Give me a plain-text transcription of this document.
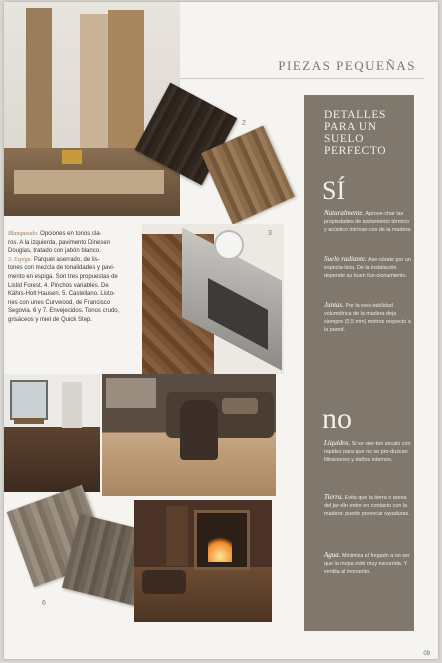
PIEZAS PEQUEÑAS
2
3
Blanqueado. Opciones en tonos cla-
ros. A la izquierda, pavimento Dinesen
Douglas, tratado con jabón blanco.
3. Espiga. Parquet aserrado, de lis-
tones con mezcla de tonalidades y pavi-
mento en espiga. Son tres propuestas de
Listid Forest. 4. Pinchos variables. De
Kährs-Holt Hausen. 5. Castellano. Listo-
nes con unes Curvwood, de Francisco
Segovia. 6 y 7. Envejecidos. Tonos crudo,
grisáceos y miel de Quick Step.
6
DETALLES PARA UN SUELO PERFECTO
SÍ
Naturalmente. Aprove-char las propiedades de aislamiento térmico y acústico intrínse-cos de la madera.
Suelo radiante. Ase-sórate por un especia-lista. De la instalación depende su buen fun-cionamiento.
Juntas. Por la ines-tabilidad volumétrica de la madera deja siempre (0,5 mm) metros respecto a la pared.
no
Líquidos. Si se vier-ten secalo con rapidez para que no se pro-duzcan filtraciones y daños internos.
Tierra. Evita que la tierra o arena del jar-dín entre en contacto con la madera: puede provocar rayaduras.
Agua. Minimiza el fregado a no ser que la mopa esté muy escurrida. Y ventila al momento.
09
